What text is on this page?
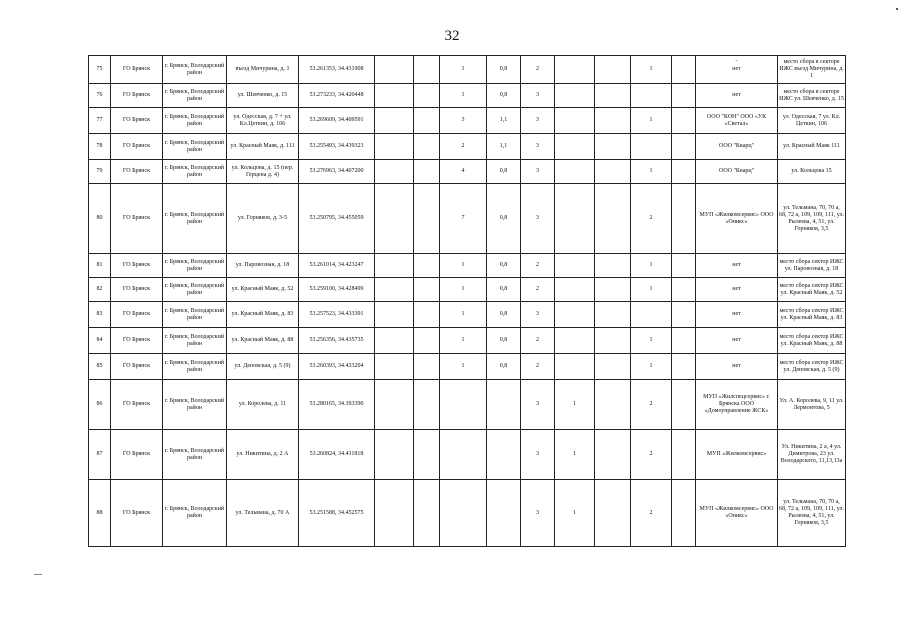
32
·
75	ГО Брянск	г. Брянск, Володарский район	въезд Мичурина, д. 1	53.261353, 34.431908			1	0,8	2			1		нет	место сбора в секторе ИЖС въезд Мичурина, д. 1
76	ГО Брянск	г. Брянск, Володарский район	ул. Шевченко, д. 15	53.273233, 34.420448			1	0,8	3					нет	место сбора в секторе ИЖС ул. Шевченко, д. 15
77	ГО Брянск	г. Брянск, Володарский район	ул. Одесская, д. 7 + ул. Кл.Цеткин, д. 106	53.269609, 34.409591			3	1,1	3			1		ООО "КОН" ООО «УК «Светал»	ул. Одесская, 7 ул. Кл. Цеткин, 106
78	ГО Брянск	г. Брянск, Володарский район	ул. Красный Маяк, д. 111	53.255493, 34.439323			2	1,1	3					ООО "Кварц"	ул. Красный Маяк 111
79	ГО Брянск	г. Брянск, Володарский район	ул. Кольцова, д. 15 (пер. Герцена д. 4)	53.276963, 34.407200			4	0,8	3			1		ООО "Кварц"	ул. Кольцова 15
80	ГО Брянск	г. Брянск, Володарский район	ул. Горняков, д. 3-5	53.250795, 34.455059			7	0,8	3			2		МУП «Жилкомсервис» ООО «Оникс»	ул. Тельмана, 70, 70 а, 68, 72 а, 109, 109, 111, ул. Рылеева, 4, 51, ул. Горняков, 3,5
81	ГО Брянск	г. Брянск, Володарский район	ул. Паровозная, д. 18	53.261014, 34.423247			1	0,8	2			1		нет	место сбора сектор ИЖС ул. Паровозная, д. 18
82	ГО Брянск	г. Брянск, Володарский район	ул. Красный Маяк, д. 52	53.259100, 34.428499			1	0,8	2			1		нет	место сбора сектор ИЖС ул. Красный Маяк, д. 52
83	ГО Брянск	г. Брянск, Володарский район	ул. Красный Маяк, д. 83	53.257523, 34.433391			1	0,8	3					нет	место сбора сектор ИЖС ул. Красный Маяк, д. 83
84	ГО Брянск	г. Брянск, Володарский район	ул. Красный Маяк, д. 88	53.256356, 34.435735			1	0,8	2			1		нет	место сбора сектор ИЖС ул. Красный Маяк, д. 88
85	ГО Брянск	г. Брянск, Володарский район	ул. Деповская, д. 5 (9)	53.260393, 34.433204			1	0,8	2			1		нет	место сбора сектор ИЖС ул. Деповская, д. 5 (9)
86	ГО Брянск	г. Брянск, Володарский район	ул. Королева, д. 11	53.280165, 34.393390					3	1		2		МУП «Жилспецсервис» г. Брянска ООО «Домоуправление ЖСК»	Ул. А. Королева, 9, 11 ул. Лермонтова, 5
87	ГО Брянск	г. Брянск, Володарский район	ул. Никитина, д. 2 А	53.260824, 34.411818					3	1		2		МУП «Жилкомсервис»	Ул. Никитина, 2 а, 4 ул. Димитрова, 23 ул. Володарского, 11,13,13а
88	ГО Брянск	г. Брянск, Володарский район	ул. Тельмана, д. 70 А	53.251588, 34.452575					3	1		2		МУП «Жилкомсервис» ООО «Оникс»	ул. Тельмана, 70, 70 а, 68, 72 а, 109, 109, 111, ул. Рылеева, 4, 51, ул. Горняков, 3,5
